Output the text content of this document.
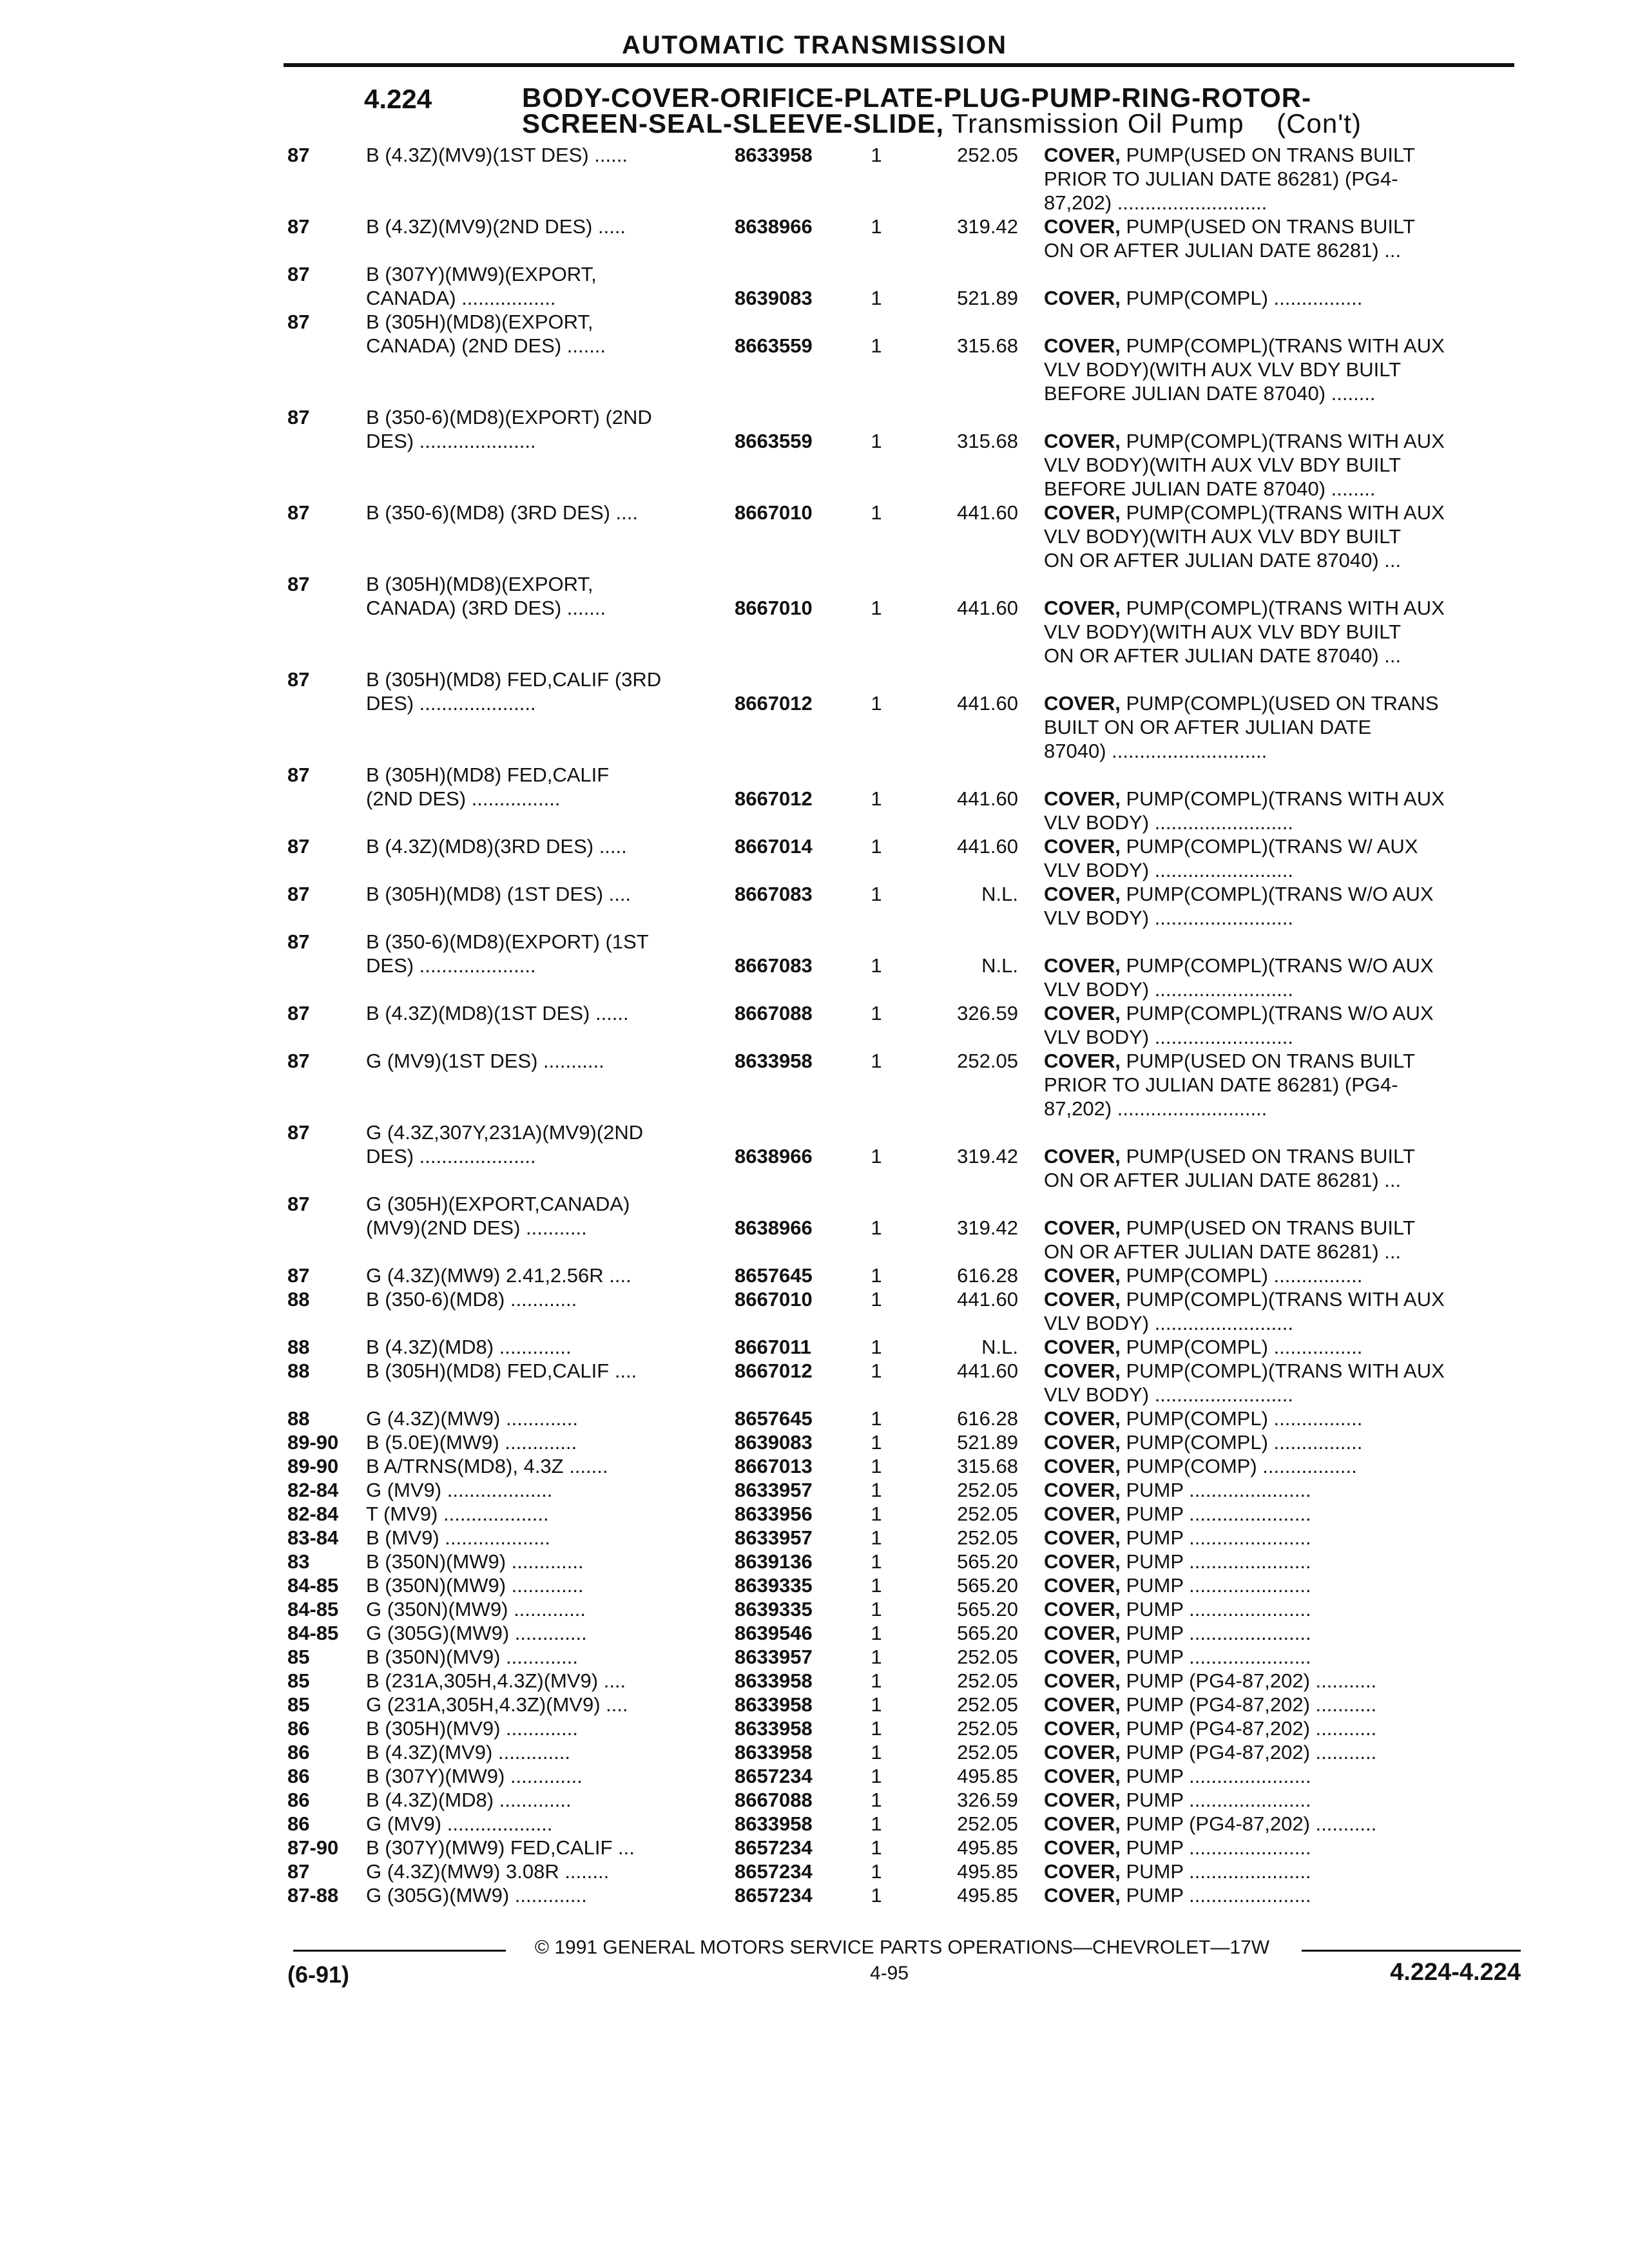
AUTOMATIC TRANSMISSION
4.224	BODY-COVER-ORIFICE-PLATE-PLUG-PUMP-RING-ROTOR-
SCREEN-SEAL-SLEEVE-SLIDE, Transmission Oil Pump    (Con't)
87	B (4.3Z)(MV9)(1ST DES) ......	8633958	1	252.05 COVER, PUMP(USED ON TRANS BUILT
PRIOR TO JULIAN DATE 86281) (PG4-
87,202) ...........................
87	B (4.3Z)(MV9)(2ND DES) .....	8638966	1	319.42 COVER, PUMP(USED ON TRANS BUILT
ON OR AFTER JULIAN DATE 86281) ...
87	B (307Y)(MW9)(EXPORT,
CANADA) .................	8639083	1	521.89 COVER, PUMP(COMPL) ................
87	B (305H)(MD8)(EXPORT,
CANADA) (2ND DES) .......	8663559	1	315.68 COVER, PUMP(COMPL)(TRANS WITH AUX
VLV BODY)(WITH AUX VLV BDY BUILT
BEFORE JULIAN DATE 87040) ........
87	B (350-6)(MD8)(EXPORT) (2ND
DES) .....................	8663559	1	315.68 COVER, PUMP(COMPL)(TRANS WITH AUX
VLV BODY)(WITH AUX VLV BDY BUILT
BEFORE JULIAN DATE 87040) ........
87	B (350-6)(MD8) (3RD DES) ....	8667010	1	441.60 COVER, PUMP(COMPL)(TRANS WITH AUX
VLV BODY)(WITH AUX VLV BDY BUILT
ON OR AFTER JULIAN DATE 87040) ...
87	B (305H)(MD8)(EXPORT,
CANADA) (3RD DES) .......	8667010	1	441.60 COVER, PUMP(COMPL)(TRANS WITH AUX
VLV BODY)(WITH AUX VLV BDY BUILT
ON OR AFTER JULIAN DATE 87040) ...
87	B (305H)(MD8) FED,CALIF (3RD
DES) .....................	8667012	1	441.60 COVER, PUMP(COMPL)(USED ON TRANS
BUILT ON OR AFTER JULIAN DATE
87040) ............................
87	B (305H)(MD8) FED,CALIF
(2ND DES) ................	8667012	1	441.60 COVER, PUMP(COMPL)(TRANS WITH AUX
VLV BODY) .........................
87	B (4.3Z)(MD8)(3RD DES) .....	8667014	1	441.60 COVER, PUMP(COMPL)(TRANS W/ AUX
VLV BODY) .........................
87	B (305H)(MD8) (1ST DES) ....	8667083	1	N.L. COVER, PUMP(COMPL)(TRANS W/O AUX
VLV BODY) .........................
87	B (350-6)(MD8)(EXPORT) (1ST
DES) .....................	8667083	1	N.L. COVER, PUMP(COMPL)(TRANS W/O AUX
VLV BODY) .........................
87	B (4.3Z)(MD8)(1ST DES) ......	8667088	1	326.59 COVER, PUMP(COMPL)(TRANS W/O AUX
VLV BODY) .........................
87	G (MV9)(1ST DES) ...........	8633958	1	252.05 COVER, PUMP(USED ON TRANS BUILT
PRIOR TO JULIAN DATE 86281) (PG4-
87,202) ...........................
87	G (4.3Z,307Y,231A)(MV9)(2ND
DES) .....................	8638966	1	319.42 COVER, PUMP(USED ON TRANS BUILT
ON OR AFTER JULIAN DATE 86281) ...
87	G (305H)(EXPORT,CANADA)
(MV9)(2ND DES) ...........	8638966	1	319.42 COVER, PUMP(USED ON TRANS BUILT
ON OR AFTER JULIAN DATE 86281) ...
87	G (4.3Z)(MW9) 2.41,2.56R ....	8657645	1	616.28 COVER, PUMP(COMPL) ................
88	B (350-6)(MD8) ............	8667010	1	441.60 COVER, PUMP(COMPL)(TRANS WITH AUX
VLV BODY) .........................
88	B (4.3Z)(MD8) .............	8667011	1	N.L. COVER, PUMP(COMPL) ................
88	B (305H)(MD8) FED,CALIF ....	8667012	1	441.60 COVER, PUMP(COMPL)(TRANS WITH AUX
VLV BODY) .........................
88	G (4.3Z)(MW9) .............	8657645	1	616.28 COVER, PUMP(COMPL) ................
89-90	B (5.0E)(MW9) .............	8639083	1	521.89 COVER, PUMP(COMPL) ................
89-90	B A/TRNS(MD8), 4.3Z .......	8667013	1	315.68 COVER, PUMP(COMP) .................
82-84	G (MV9) ...................	8633957	1	252.05 COVER, PUMP ......................
82-84	T (MV9) ...................	8633956	1	252.05 COVER, PUMP ......................
83-84	B (MV9) ...................	8633957	1	252.05 COVER, PUMP ......................
83	B (350N)(MW9) .............	8639136	1	565.20 COVER, PUMP ......................
84-85	B (350N)(MW9) .............	8639335	1	565.20 COVER, PUMP ......................
84-85	G (350N)(MW9) .............	8639335	1	565.20 COVER, PUMP ......................
84-85	G (305G)(MW9) .............	8639546	1	565.20 COVER, PUMP ......................
85	B (350N)(MV9) .............	8633957	1	252.05 COVER, PUMP ......................
85	B (231A,305H,4.3Z)(MV9) ....	8633958	1	252.05 COVER, PUMP (PG4-87,202) ...........
85	G (231A,305H,4.3Z)(MV9) ....	8633958	1	252.05 COVER, PUMP (PG4-87,202) ...........
86	B (305H)(MV9) .............	8633958	1	252.05 COVER, PUMP (PG4-87,202) ...........
86	B (4.3Z)(MV9) .............	8633958	1	252.05 COVER, PUMP (PG4-87,202) ...........
86	B (307Y)(MW9) .............	8657234	1	495.85 COVER, PUMP ......................
86	B (4.3Z)(MD8) .............	8667088	1	326.59 COVER, PUMP ......................
86	G (MV9) ...................	8633958	1	252.05 COVER, PUMP (PG4-87,202) ...........
87-90	B (307Y)(MW9) FED,CALIF ...	8657234	1	495.85 COVER, PUMP ......................
87	G (4.3Z)(MW9) 3.08R ........	8657234	1	495.85 COVER, PUMP ......................
87-88	G (305G)(MW9) .............	8657234	1	495.85 COVER, PUMP ......................
© 1991 GENERAL MOTORS SERVICE PARTS OPERATIONS—CHEVROLET—17W
(6-91)	4-95	4.224-4.224
